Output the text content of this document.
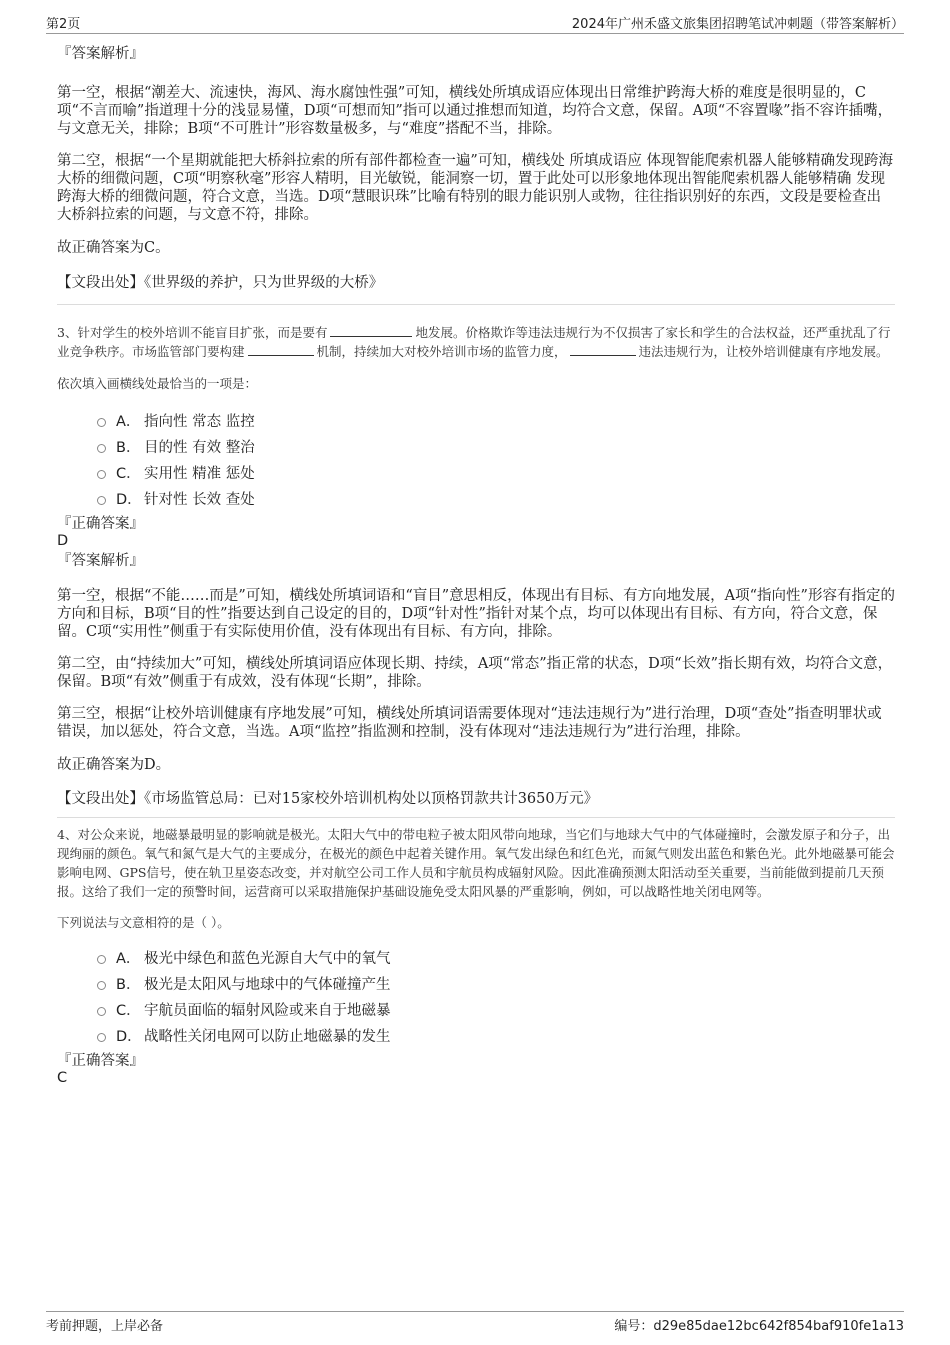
第2页	2024年广州禾盛文旅集团招聘笔试冲刺题（带答案解析）

『答案解析』

第一空，根据“潮差大、流速快，海风、海水腐蚀性强”可知，横线处所填成语应体现出日常维护跨海大桥的难度是很明显的，C项“不言而喻”指道理十分的浅显易懂，D项“可想而知”指可以通过推想而知道，均符合文意，保留。A项“不容置喙”指不容许插嘴，与文意无关，排除；B项“不可胜计”形容数量极多，与“难度”搭配不当，排除。

第二空，根据“一个星期就能把大桥斜拉索的所有部件都检查一遍”可知，横线处 所填成语应 体现智能爬索机器人能够精确发现跨海大桥的细微问题，C项“明察秋毫”形容人精明，目光敏锐，能洞察一切，置于此处可以形象地体现出智能爬索机器人能够精确 发现跨海大桥的细微问题，符合文意，当选。D项“慧眼识珠”比喻有特别的眼力能识别人或物，往往指识别好的东西，文段是要检查出大桥斜拉索的问题，与文意不符，排除。

故正确答案为C。

【文段出处】《世界级的养护，只为世界级的大桥》

3、针对学生的校外培训不能盲目扩张，而是要有	地发展。价格欺诈等违法违规行为不仅损害了家长和学生的合法权益，还严重扰乱了行业竞争秩序。市场监管部门要构建	机制，持续加大对校外培训市场的监管力度，	违法违规行为，让校外培训健康有序地发展。

依次填入画横线处最恰当的一项是：

A． 指向性 常态 监控
B． 目的性 有效 整治
C． 实用性 精准 惩处
D． 针对性 长效 查处

『正确答案』

D

『答案解析』

第一空，根据“不能……而是”可知，横线处所填词语和“盲目”意思相反，体现出有目标、有方向地发展，A项“指向性”形容有指定的方向和目标，B项“目的性”指要达到自己设定的目的，D项“针对性”指针对某个点，均可以体现出有目标、有方向，符合文意，保留。C项“实用性”侧重于有实际使用价值，没有体现出有目标、有方向，排除。

第二空，由“持续加大”可知，横线处所填词语应体现长期、持续，A项“常态”指正常的状态，D项“长效”指长期有效，均符合文意，保留。B项“有效”侧重于有成效，没有体现“长期”，排除。

第三空，根据“让校外培训健康有序地发展”可知，横线处所填词语需要体现对“违法违规行为”进行治理，D项“查处”指查明罪状或错误，加以惩处，符合文意，当选。A项“监控”指监测和控制，没有体现对“违法违规行为”进行治理，排除。

故正确答案为D。

【文段出处】《市场监管总局：已对15家校外培训机构处以顶格罚款共计3650万元》

4、对公众来说，地磁暴最明显的影响就是极光。太阳大气中的带电粒子被太阳风带向地球，当它们与地球大气中的气体碰撞时，会激发原子和分子，出现绚丽的颜色。氧气和氮气是大气的主要成分，在极光的颜色中起着关键作用。氧气发出绿色和红色光，而氮气则发出蓝色和紫色光。此外地磁暴可能会影响电网、GPS信号，使在轨卫星姿态改变，并对航空公司工作人员和宇航员构成辐射风险。因此准确预测太阳活动至关重要，当前能做到提前几天预报。这给了我们一定的预警时间，运营商可以采取措施保护基础设施免受太阳风暴的严重影响，例如，可以战略性地关闭电网等。

下列说法与文意相符的是（ ）。

A． 极光中绿色和蓝色光源自大气中的氧气
B． 极光是太阳风与地球中的气体碰撞产生
C． 宇航员面临的辐射风险或来自于地磁暴
D． 战略性关闭电网可以防止地磁暴的发生

『正确答案』

C

考前押题，上岸必备	编号：d29e85dae12bc642f854baf910fe1a13
